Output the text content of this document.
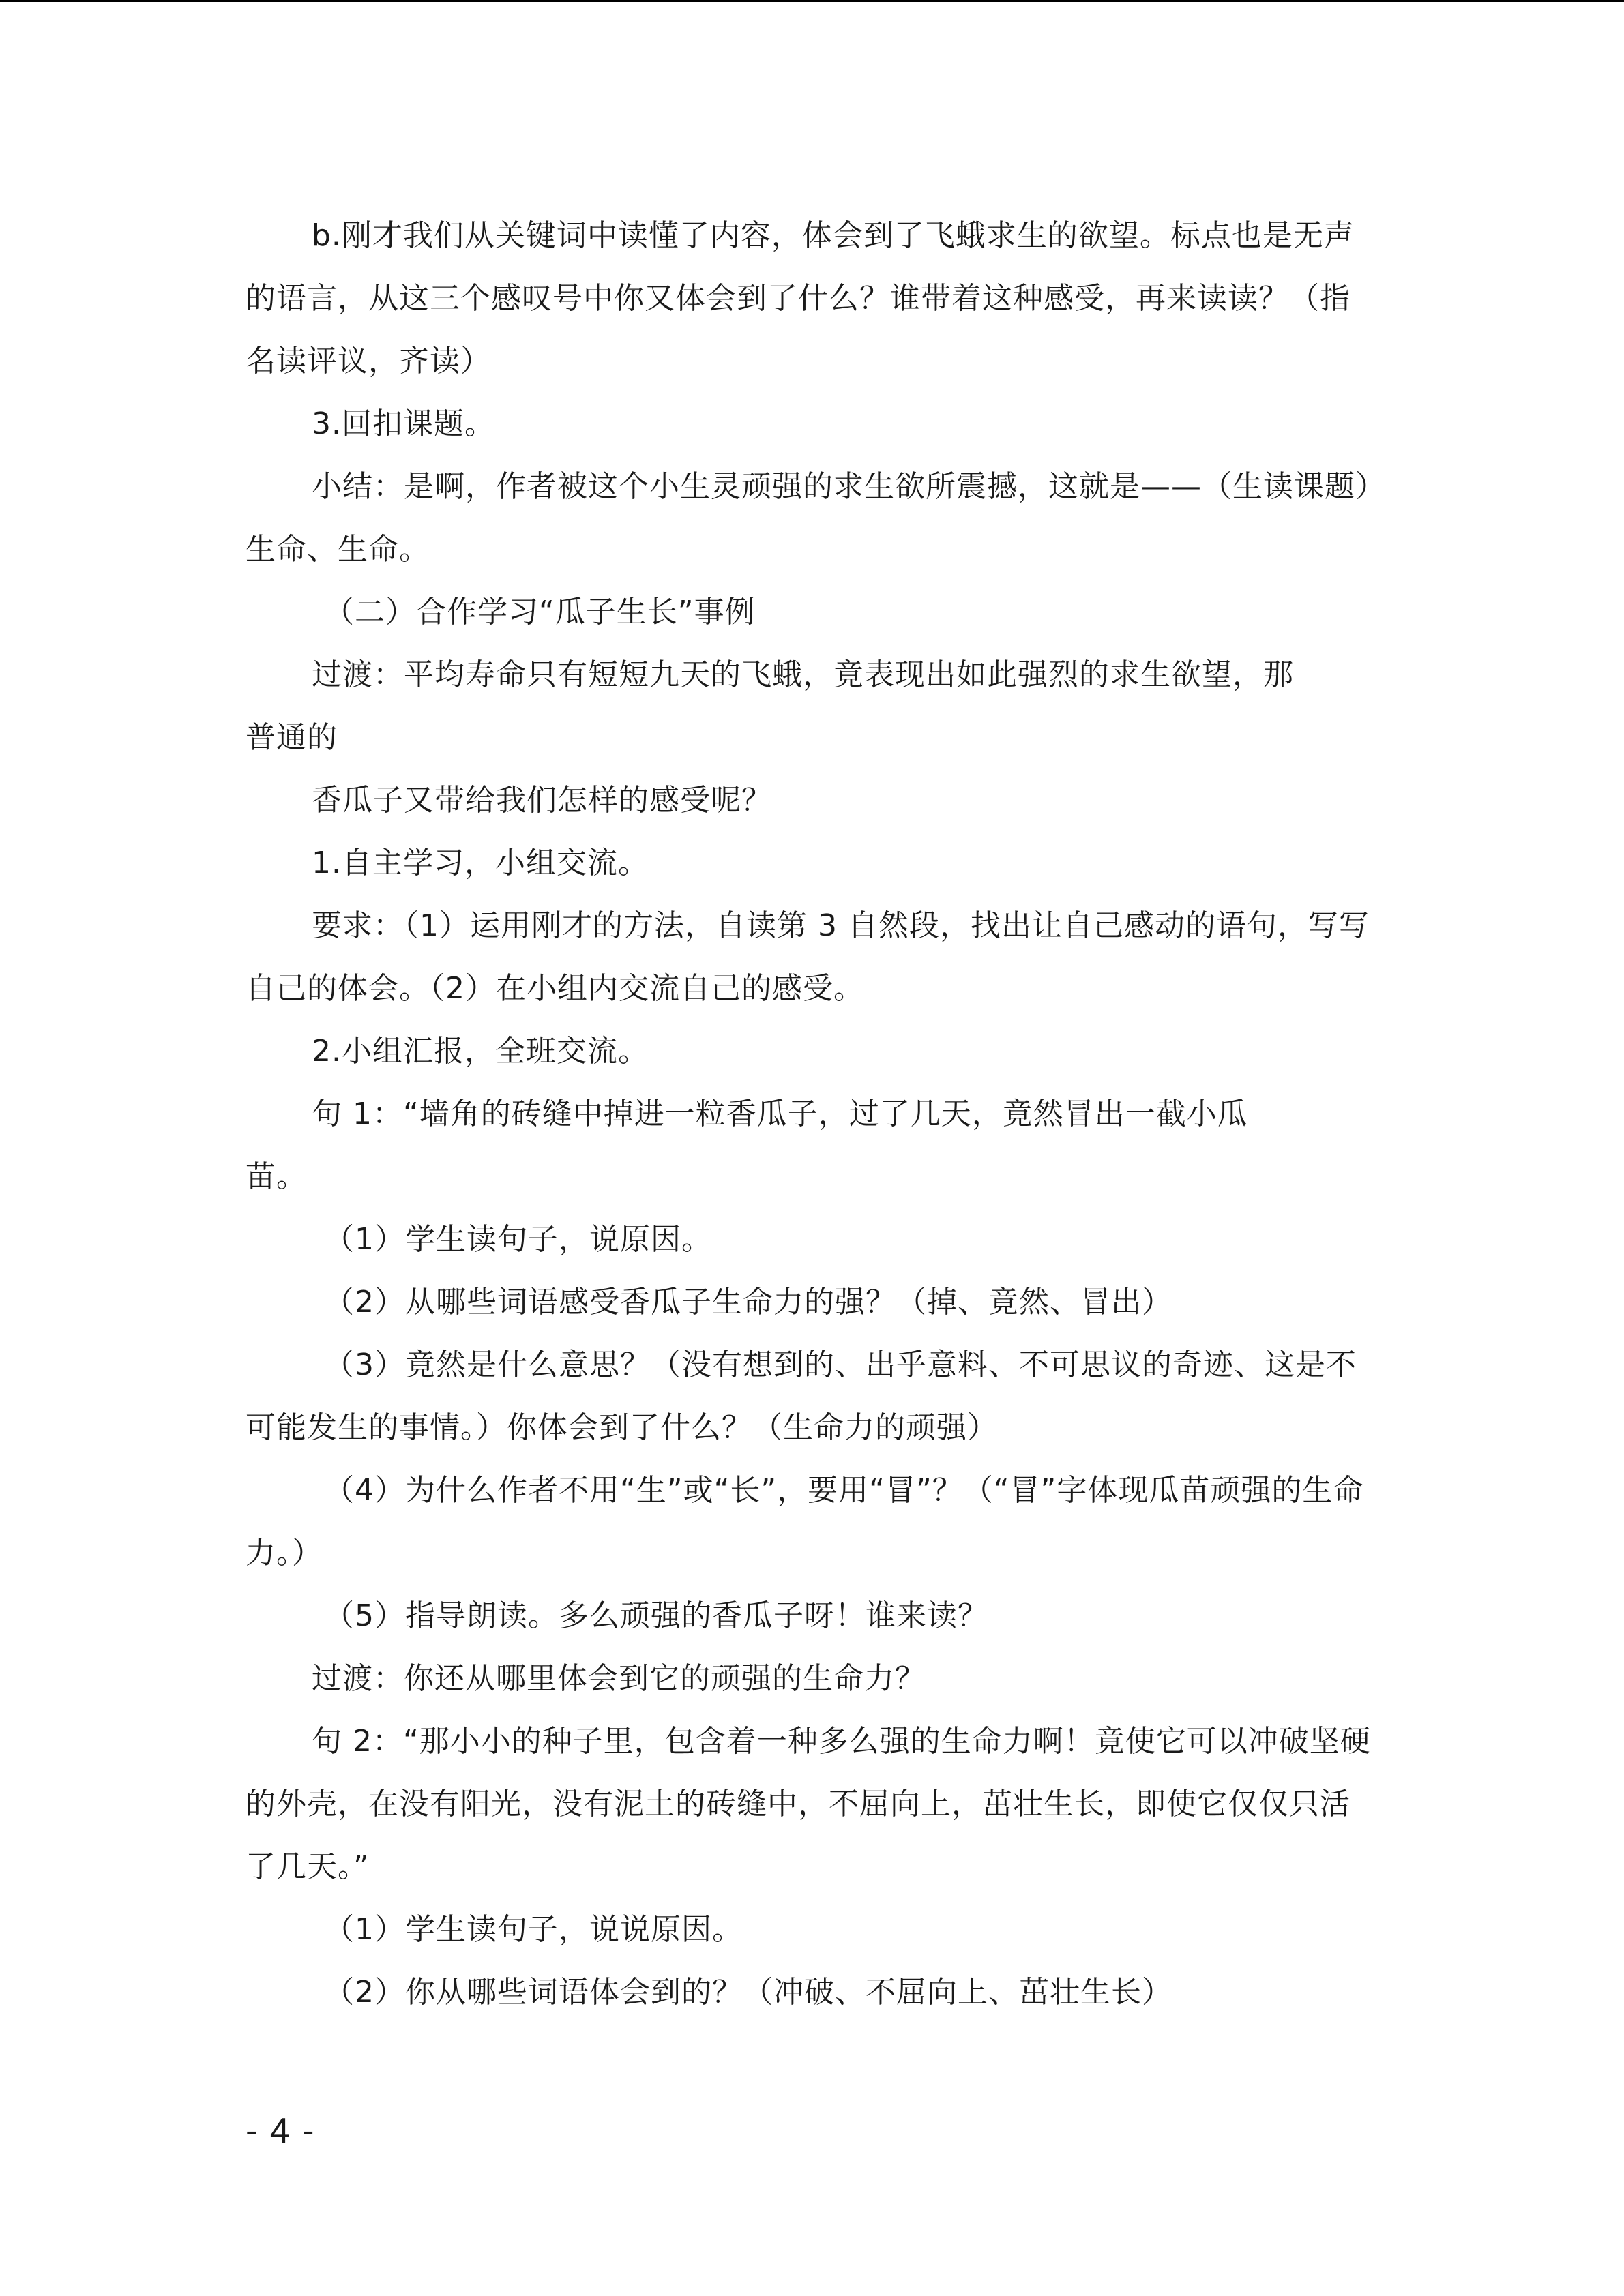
b.刚才我们从关键词中读懂了内容，体会到了飞蛾求生的欲望。标点也是无声的语言，从这三个感叹号中你又体会到了什么？谁带着这种感受，再来读读？（指名读评议，齐读）

3.回扣课题。

小结：是啊，作者被这个小生灵顽强的求生欲所震撼，这就是——（生读课题）生命、生命。

（二）合作学习“瓜子生长”事例

过渡：平均寿命只有短短九天的飞蛾，竟表现出如此强烈的求生欲望，那

普通的

香瓜子又带给我们怎样的感受呢？

1.自主学习，小组交流。

要求：（1）运用刚才的方法，自读第 3 自然段，找出让自己感动的语句，写写自己的体会。（2）在小组内交流自己的感受。

2.小组汇报，全班交流。

句 1：“墙角的砖缝中掉进一粒香瓜子，过了几天，竟然冒出一截小瓜

苗。

（1）学生读句子，说原因。

（2）从哪些词语感受香瓜子生命力的强？（掉、竟然、冒出）

（3）竟然是什么意思？（没有想到的、出乎意料、不可思议的奇迹、这是不可能发生的事情。）你体会到了什么？（生命力的顽强）

（4）为什么作者不用“生”或“长”，要用“冒”？（“冒”字体现瓜苗顽强的生命力。）

（5）指导朗读。多么顽强的香瓜子呀！谁来读？

过渡：你还从哪里体会到它的顽强的生命力？

句 2：“那小小的种子里，包含着一种多么强的生命力啊！竟使它可以冲破坚硬的外壳，在没有阳光，没有泥土的砖缝中，不屈向上，茁壮生长，即使它仅仅只活了几天。”

（1）学生读句子，说说原因。

（2）你从哪些词语体会到的？（冲破、不屈向上、茁壮生长）

- 4 -
